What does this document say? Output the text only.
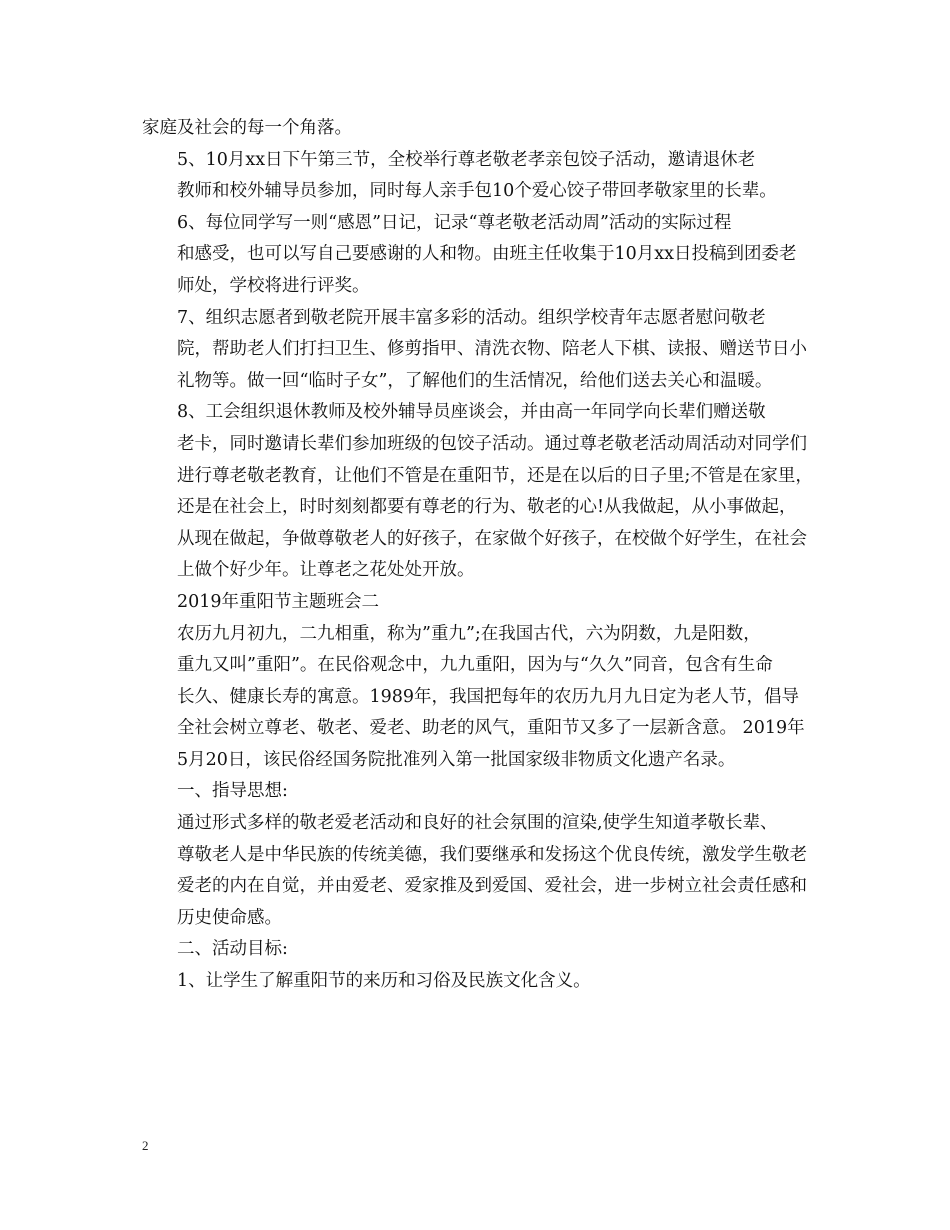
家庭及社会的每一个角落。

5、10月xx日下午第三节，全校举行尊老敬老孝亲包饺子活动，邀请退休老
教师和校外辅导员参加，同时每人亲手包10个爱心饺子带回孝敬家里的长辈。

6、每位同学写一则“感恩”日记，记录“尊老敬老活动周”活动的实际过程
和感受，也可以写自己要感谢的人和物。由班主任收集于10月xx日投稿到团委老
师处，学校将进行评奖。

7、组织志愿者到敬老院开展丰富多彩的活动。组织学校青年志愿者慰问敬老
院，帮助老人们打扫卫生、修剪指甲、清洗衣物、陪老人下棋、读报、赠送节日小
礼物等。做一回“临时子女”，了解他们的生活情况，给他们送去关心和温暖。

8、工会组织退休教师及校外辅导员座谈会，并由高一年同学向长辈们赠送敬
老卡，同时邀请长辈们参加班级的包饺子活动。通过尊老敬老活动周活动对同学们
进行尊老敬老教育，让他们不管是在重阳节，还是在以后的日子里;不管是在家里，
还是在社会上，时时刻刻都要有尊老的行为、敬老的心!从我做起，从小事做起，
从现在做起，争做尊敬老人的好孩子，在家做个好孩子，在校做个好学生，在社会
上做个好少年。让尊老之花处处开放。

2019年重阳节主题班会二

农历九月初九，二九相重，称为”重九”;在我国古代，六为阴数，九是阳数，
重九又叫”重阳”。在民俗观念中，九九重阳，因为与“久久”同音，包含有生命
长久、健康长寿的寓意。1989年，我国把每年的农历九月九日定为老人节，倡导
全社会树立尊老、敬老、爱老、助老的风气，重阳节又多了一层新含意。 2019年
5月20日，该民俗经国务院批准列入第一批国家级非物质文化遗产名录。

一、指导思想:

通过形式多样的敬老爱老活动和良好的社会氛围的渲染,使学生知道孝敬长辈、
尊敬老人是中华民族的传统美德，我们要继承和发扬这个优良传统，激发学生敬老
爱老的内在自觉，并由爱老、爱家推及到爱国、爱社会，进一步树立社会责任感和
历史使命感。

二、活动目标:

1、让学生了解重阳节的来历和习俗及民族文化含义。

2
